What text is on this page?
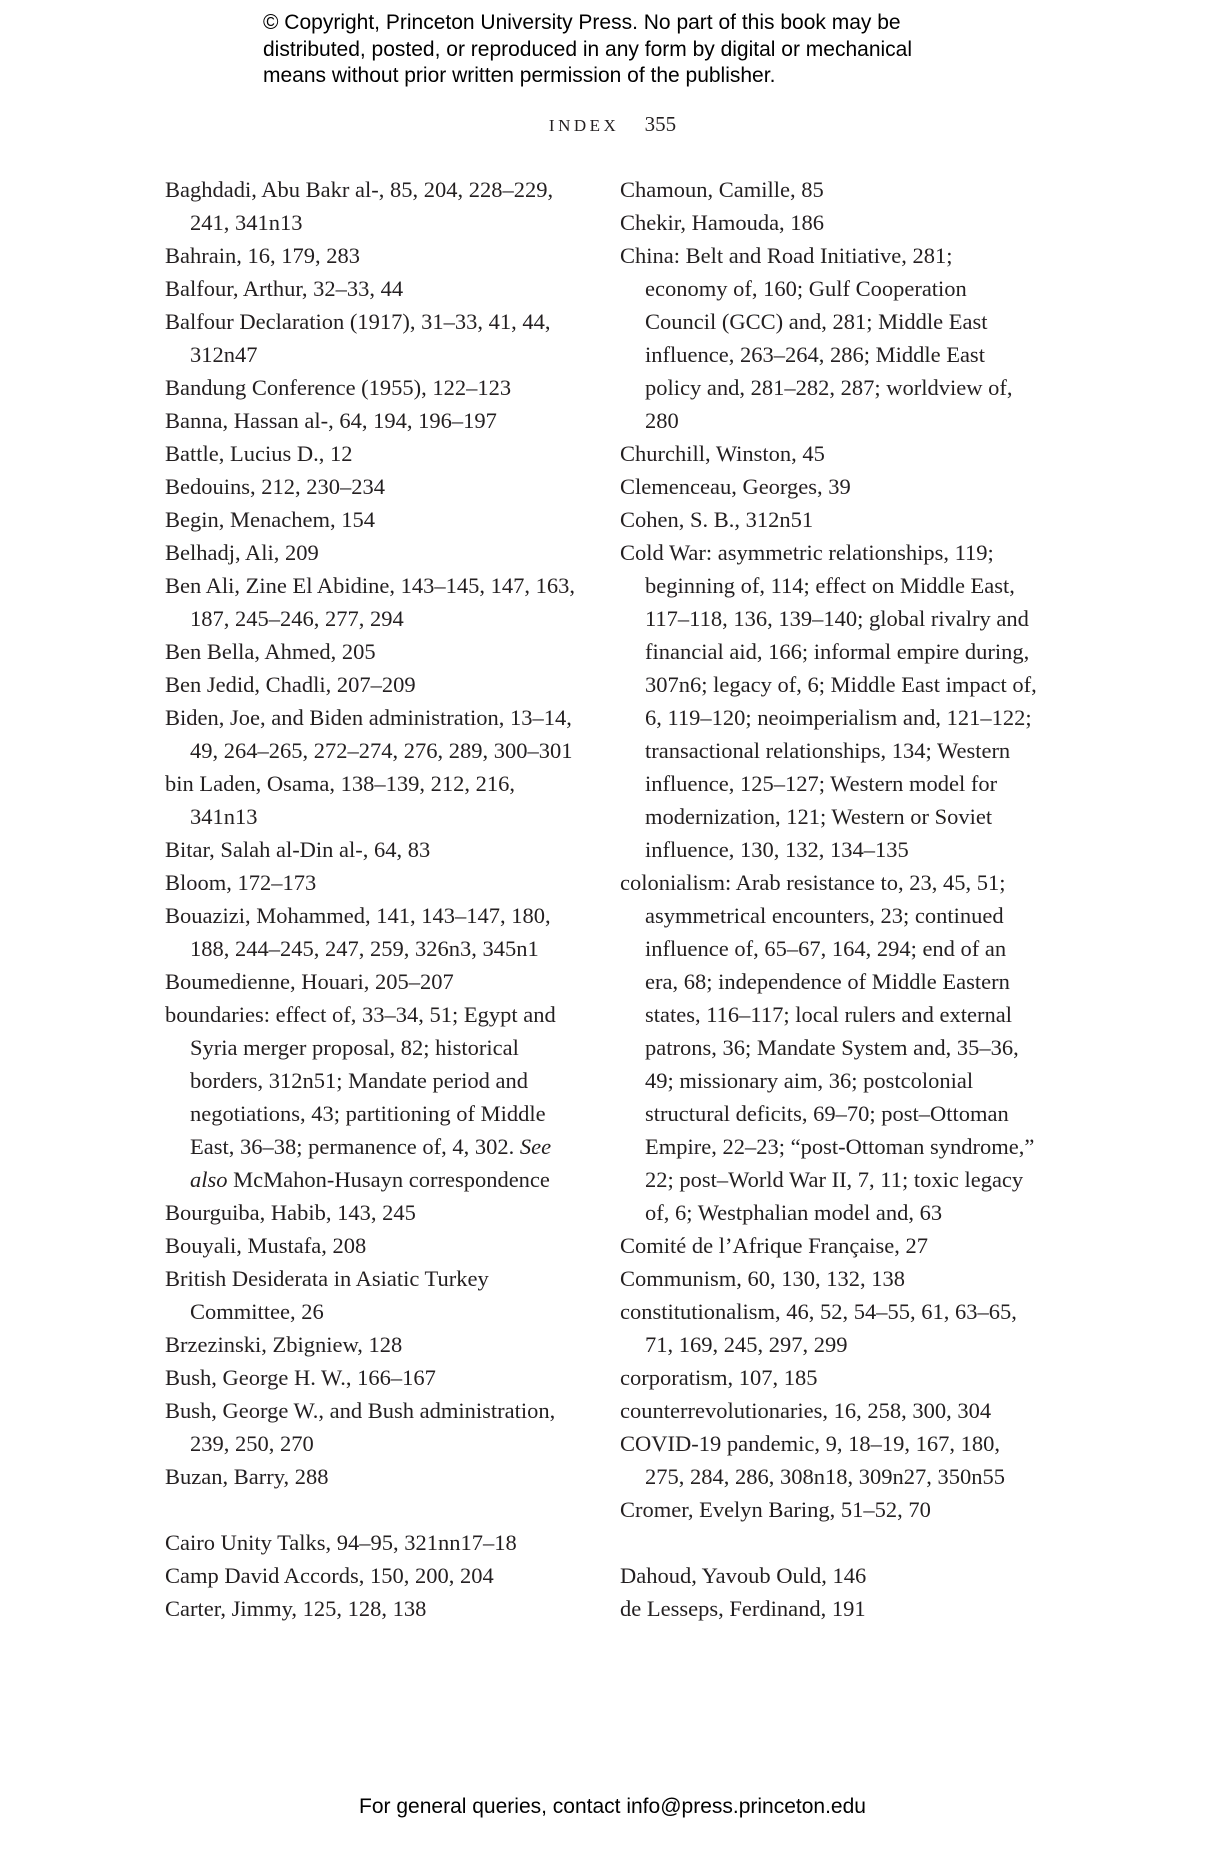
© Copyright, Princeton University Press. No part of this book may be

distributed, posted, or reproduced in any form by digital or mechanical

means without prior written permission of the publisher.

INDEX 355
Baghdadi, Abu Bakr al-, 85, 204, 228–229, 241, 341n13
Bahrain, 16, 179, 283
Balfour, Arthur, 32–33, 44
Balfour Declaration (1917), 31–33, 41, 44, 312n47
Bandung Conference (1955), 122–123
Banna, Hassan al-, 64, 194, 196–197
Battle, Lucius D., 12
Bedouins, 212, 230–234
Begin, Menachem, 154
Belhadj, Ali, 209
Ben Ali, Zine El Abidine, 143–145, 147, 163, 187, 245–246, 277, 294
Ben Bella, Ahmed, 205
Ben Jedid, Chadli, 207–209
Biden, Joe, and Biden administration, 13–14, 49, 264–265, 272–274, 276, 289, 300–301
bin Laden, Osama, 138–139, 212, 216, 341n13
Bitar, Salah al-Din al-, 64, 83
Bloom, 172–173
Bouazizi, Mohammed, 141, 143–147, 180, 188, 244–245, 247, 259, 326n3, 345n1
Boumedienne, Houari, 205–207
boundaries: effect of, 33–34, 51; Egypt and Syria merger proposal, 82; historical borders, 312n51; Mandate period and negotiations, 43; partitioning of Middle East, 36–38; permanence of, 4, 302. See also McMahon-Husayn correspondence
Bourguiba, Habib, 143, 245
Bouyali, Mustafa, 208
British Desiderata in Asiatic Turkey Committee, 26
Brzezinski, Zbigniew, 128
Bush, George H. W., 166–167
Bush, George W., and Bush administration, 239, 250, 270
Buzan, Barry, 288
Cairo Unity Talks, 94–95, 321nn17–18
Camp David Accords, 150, 200, 204
Carter, Jimmy, 125, 128, 138
Chamoun, Camille, 85
Chekir, Hamouda, 186
China: Belt and Road Initiative, 281; economy of, 160; Gulf Cooperation Council (GCC) and, 281; Middle East influence, 263–264, 286; Middle East policy and, 281–282, 287; worldview of, 280
Churchill, Winston, 45
Clemenceau, Georges, 39
Cohen, S. B., 312n51
Cold War: asymmetric relationships, 119; beginning of, 114; effect on Middle East, 117–118, 136, 139–140; global rivalry and financial aid, 166; informal empire during, 307n6; legacy of, 6; Middle East impact of, 6, 119–120; neoimperialism and, 121–122; transactional relationships, 134; Western influence, 125–127; Western model for modernization, 121; Western or Soviet influence, 130, 132, 134–135
colonialism: Arab resistance to, 23, 45, 51; asymmetrical encounters, 23; continued influence of, 65–67, 164, 294; end of an era, 68; independence of Middle Eastern states, 116–117; local rulers and external patrons, 36; Mandate System and, 35–36, 49; missionary aim, 36; postcolonial structural deficits, 69–70; post–Ottoman Empire, 22–23; “post-Ottoman syndrome,” 22; post–World War II, 7, 11; toxic legacy of, 6; Westphalian model and, 63
Comité de l’Afrique Française, 27
Communism, 60, 130, 132, 138
constitutionalism, 46, 52, 54–55, 61, 63–65, 71, 169, 245, 297, 299
corporatism, 107, 185
counterrevolutionaries, 16, 258, 300, 304
COVID-19 pandemic, 9, 18–19, 167, 180, 275, 284, 286, 308n18, 309n27, 350n55
Cromer, Evelyn Baring, 51–52, 70
Dahoud, Yavoub Ould, 146
de Lesseps, Ferdinand, 191
For general queries, contact info@press.princeton.edu
